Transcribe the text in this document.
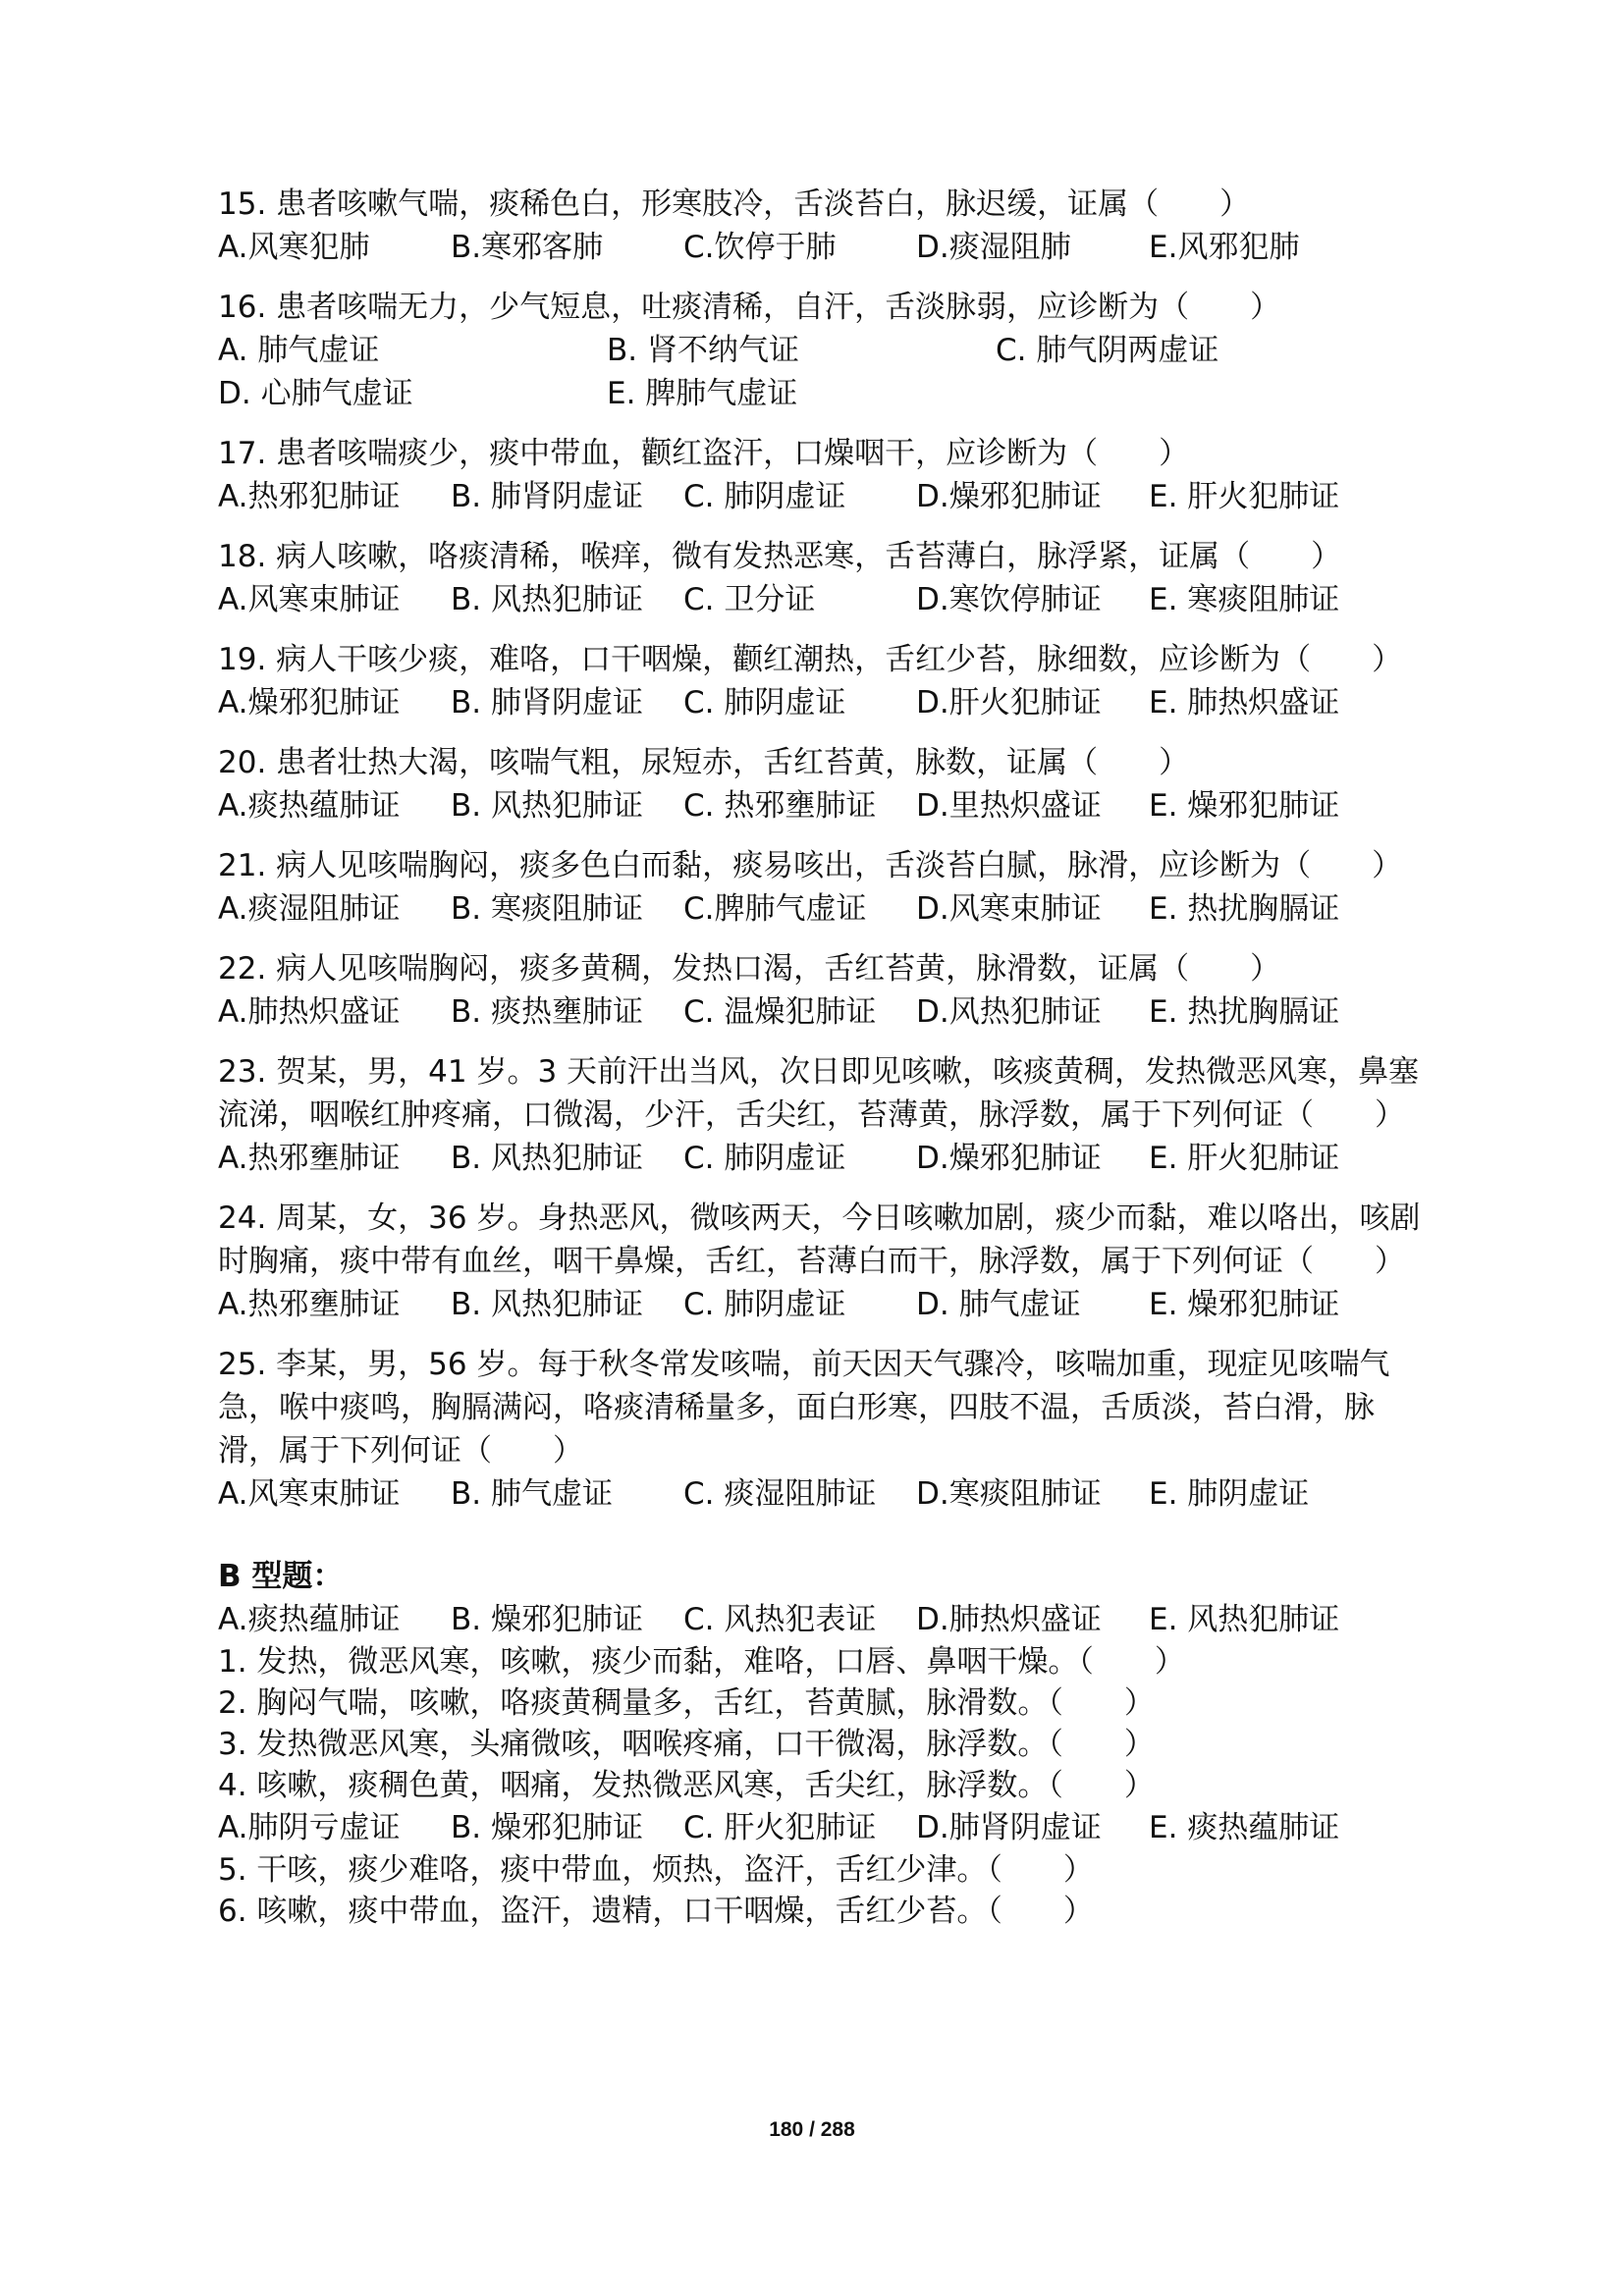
15. 患者咳嗽气喘，痰稀色白，形寒肢冷，舌淡苔白，脉迟缓，证属（　　）
A.风寒犯肺	B.寒邪客肺	C.饮停于肺	D.痰湿阻肺	E.风邪犯肺
16. 患者咳喘无力，少气短息，吐痰清稀，自汗，舌淡脉弱，应诊断为（　　）
A. 肺气虚证	B. 肾不纳气证	C. 肺气阴两虚证
D. 心肺气虚证	E. 脾肺气虚证
17. 患者咳喘痰少，痰中带血，颧红盗汗，口燥咽干，应诊断为（　　）
A.热邪犯肺证	B. 肺肾阴虚证	C. 肺阴虚证	D.燥邪犯肺证	E. 肝火犯肺证
18. 病人咳嗽，咯痰清稀，喉痒，微有发热恶寒，舌苔薄白，脉浮紧，证属（　　）
A.风寒束肺证	B. 风热犯肺证	C. 卫分证	D.寒饮停肺证	E. 寒痰阻肺证
19. 病人干咳少痰，难咯，口干咽燥，颧红潮热，舌红少苔，脉细数，应诊断为（　　）
A.燥邪犯肺证	B. 肺肾阴虚证	C. 肺阴虚证	D.肝火犯肺证	E. 肺热炽盛证
20. 患者壮热大渴，咳喘气粗，尿短赤，舌红苔黄，脉数，证属（　　）
A.痰热蕴肺证	B. 风热犯肺证	C. 热邪壅肺证	D.里热炽盛证	E. 燥邪犯肺证
21. 病人见咳喘胸闷，痰多色白而黏，痰易咳出，舌淡苔白腻，脉滑，应诊断为（　　）
A.痰湿阻肺证	B. 寒痰阻肺证	C.脾肺气虚证	D.风寒束肺证	E. 热扰胸膈证
22. 病人见咳喘胸闷，痰多黄稠，发热口渴，舌红苔黄，脉滑数，证属（　　）
A.肺热炽盛证	B. 痰热壅肺证	C. 温燥犯肺证	D.风热犯肺证	E. 热扰胸膈证
23. 贺某，男，41 岁。3 天前汗出当风，次日即见咳嗽，咳痰黄稠，发热微恶风寒，鼻塞流涕，咽喉红肿疼痛，口微渴，少汗，舌尖红，苔薄黄，脉浮数，属于下列何证（　　）
A.热邪壅肺证	B. 风热犯肺证	C. 肺阴虚证	D.燥邪犯肺证	E. 肝火犯肺证
24. 周某，女，36 岁。身热恶风，微咳两天，今日咳嗽加剧，痰少而黏，难以咯出，咳剧时胸痛，痰中带有血丝，咽干鼻燥，舌红，苔薄白而干，脉浮数，属于下列何证（　　）
A.热邪壅肺证	B. 风热犯肺证	C. 肺阴虚证	D. 肺气虚证	E. 燥邪犯肺证
25. 李某，男，56 岁。每于秋冬常发咳喘，前天因天气骤冷，咳喘加重，现症见咳喘气急，喉中痰鸣，胸膈满闷，咯痰清稀量多，面白形寒，四肢不温，舌质淡，苔白滑，脉滑，属于下列何证（　　）
A.风寒束肺证	B. 肺气虚证	C. 痰湿阻肺证	D.寒痰阻肺证	E. 肺阴虚证
B 型题：
A.痰热蕴肺证	B. 燥邪犯肺证	C. 风热犯表证	D.肺热炽盛证	E. 风热犯肺证
1. 发热，微恶风寒，咳嗽，痰少而黏，难咯，口唇、鼻咽干燥。（　　）
2. 胸闷气喘，咳嗽，咯痰黄稠量多，舌红，苔黄腻，脉滑数。（　　）
3. 发热微恶风寒，头痛微咳，咽喉疼痛，口干微渴，脉浮数。（　　）
4. 咳嗽，痰稠色黄，咽痛，发热微恶风寒，舌尖红，脉浮数。（　　）
A.肺阴亏虚证	B. 燥邪犯肺证	C. 肝火犯肺证	D.肺肾阴虚证	E. 痰热蕴肺证
5. 干咳，痰少难咯，痰中带血，烦热，盗汗，舌红少津。（　　）
6. 咳嗽，痰中带血，盗汗，遗精，口干咽燥，舌红少苔。（　　）
180 / 288
